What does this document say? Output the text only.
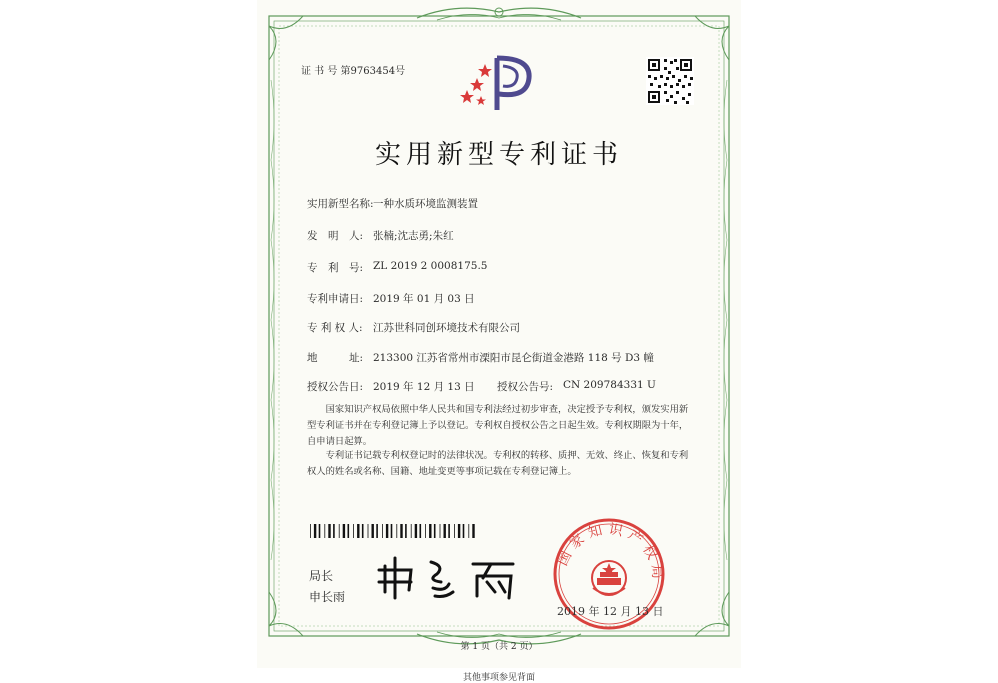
证 书 号 第9763454号
实用新型专利证书
实用新型名称: 一种水质环境监测装置
发　明　人: 张楠;沈志勇;朱红
专　利　号: ZL 2019 2 0008175.5
专利申请日: 2019 年 01 月 03 日
专 利 权 人: 江苏世科同创环境技术有限公司
地　　　址: 213300 江苏省常州市溧阳市昆仑街道金港路 118 号 D3 幢
授权公告日: 2019 年 12 月 13 日 授权公告号: CN 209784331 U
国家知识产权局依照中华人民共和国专利法经过初步审查，决定授予专利权，颁发实用新型专利证书并在专利登记簿上予以登记。专利权自授权公告之日起生效。专利权期限为十年，自申请日起算。
专利证书记载专利权登记时的法律状况。专利权的转移、质押、无效、终止、恢复和专利权人的姓名或名称、国籍、地址变更等事项记载在专利登记簿上。
局长
申长雨
国家知识产权局
2019 年 12 月 13 日
第 1 页（共 2 页）
其他事项参见背面
